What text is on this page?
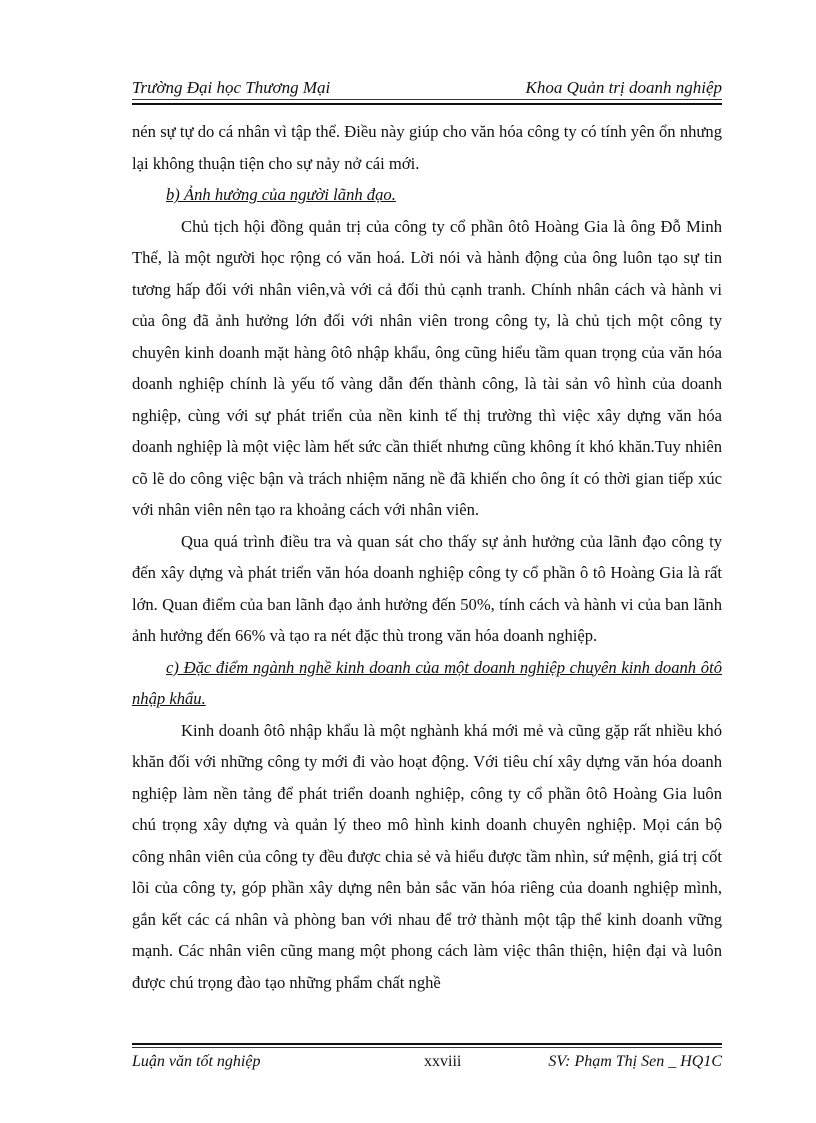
Trường Đại học Thương Mại	Khoa Quản trị doanh nghiệp

nén sự tự do cá nhân vì tập thể. Điều này giúp cho văn hóa công ty có tính yên ổn nhưng lại không thuận tiện cho sự nảy nở cái mới.

b) Ảnh hưởng của người lãnh đạo.

Chủ tịch hội đồng quản trị của công ty cổ phần ôtô Hoàng Gia là ông Đỗ Minh Thế, là một người học rộng có văn hoá. Lời nói và hành động của ông luôn tạo sự tin tương hấp đối với nhân viên,và với cả đối thủ cạnh tranh. Chính nhân cách và hành vi của ông đã ảnh hưởng lớn đối với nhân viên trong công ty, là chủ tịch một công ty chuyên kinh doanh mặt hàng ôtô nhập khẩu, ông cũng hiểu tầm quan trọng của văn hóa doanh nghiệp chính là yếu tố vàng dẫn đến thành công, là tài sản vô hình của doanh nghiệp, cùng với sự phát triển của nền kinh tế thị trường thì việc xây dựng văn hóa doanh nghiệp là một việc làm hết sức cần thiết nhưng cũng không ít khó khăn.Tuy nhiên cõ lẽ do công việc bận và trách nhiệm năng nề đã khiến cho ông ít có thời gian tiếp xúc với nhân viên nên tạo ra khoảng cách với nhân viên.

Qua quá trình điều tra và quan sát cho thấy sự ảnh hưởng của lãnh đạo công ty đến xây dựng và phát triển văn hóa doanh nghiệp công ty cổ phần ô tô Hoàng Gia là rất lớn. Quan điểm của ban lãnh đạo ảnh hưởng đến 50%, tính cách và hành vi của ban lãnh ảnh hưởng đến 66% và tạo ra nét đặc thù trong văn hóa doanh nghiệp.

c) Đặc điểm ngành nghề kinh doanh của một doanh nghiệp chuyên kinh doanh ôtô nhập khẩu.

Kinh doanh ôtô nhập khẩu là một nghành khá mới mẻ và cũng gặp rất nhiều khó khăn đối với những công ty mới đi vào hoạt động. Với tiêu chí xây dựng văn hóa doanh nghiệp làm nền tảng để phát triển doanh nghiệp, công ty cổ phần ôtô Hoàng Gia luôn chú trọng xây dựng và quản lý theo mô hình kinh doanh chuyên nghiệp. Mọi cán bộ công nhân viên của công ty đều được chia sẻ và hiểu được tầm nhìn, sứ mệnh, giá trị cốt lõi của công ty, góp phần xây dựng nên bản sắc văn hóa riêng của doanh nghiệp mình, gắn kết các cá nhân và phòng ban với nhau để trở thành một tập thể kinh doanh vững mạnh. Các nhân viên cũng mang một phong cách làm việc thân thiện, hiện đại và luôn được chú trọng đào tạo những phẩm chất nghề

Luận văn tốt nghiệp	xxviii	SV: Phạm Thị Sen _ HQ1C
